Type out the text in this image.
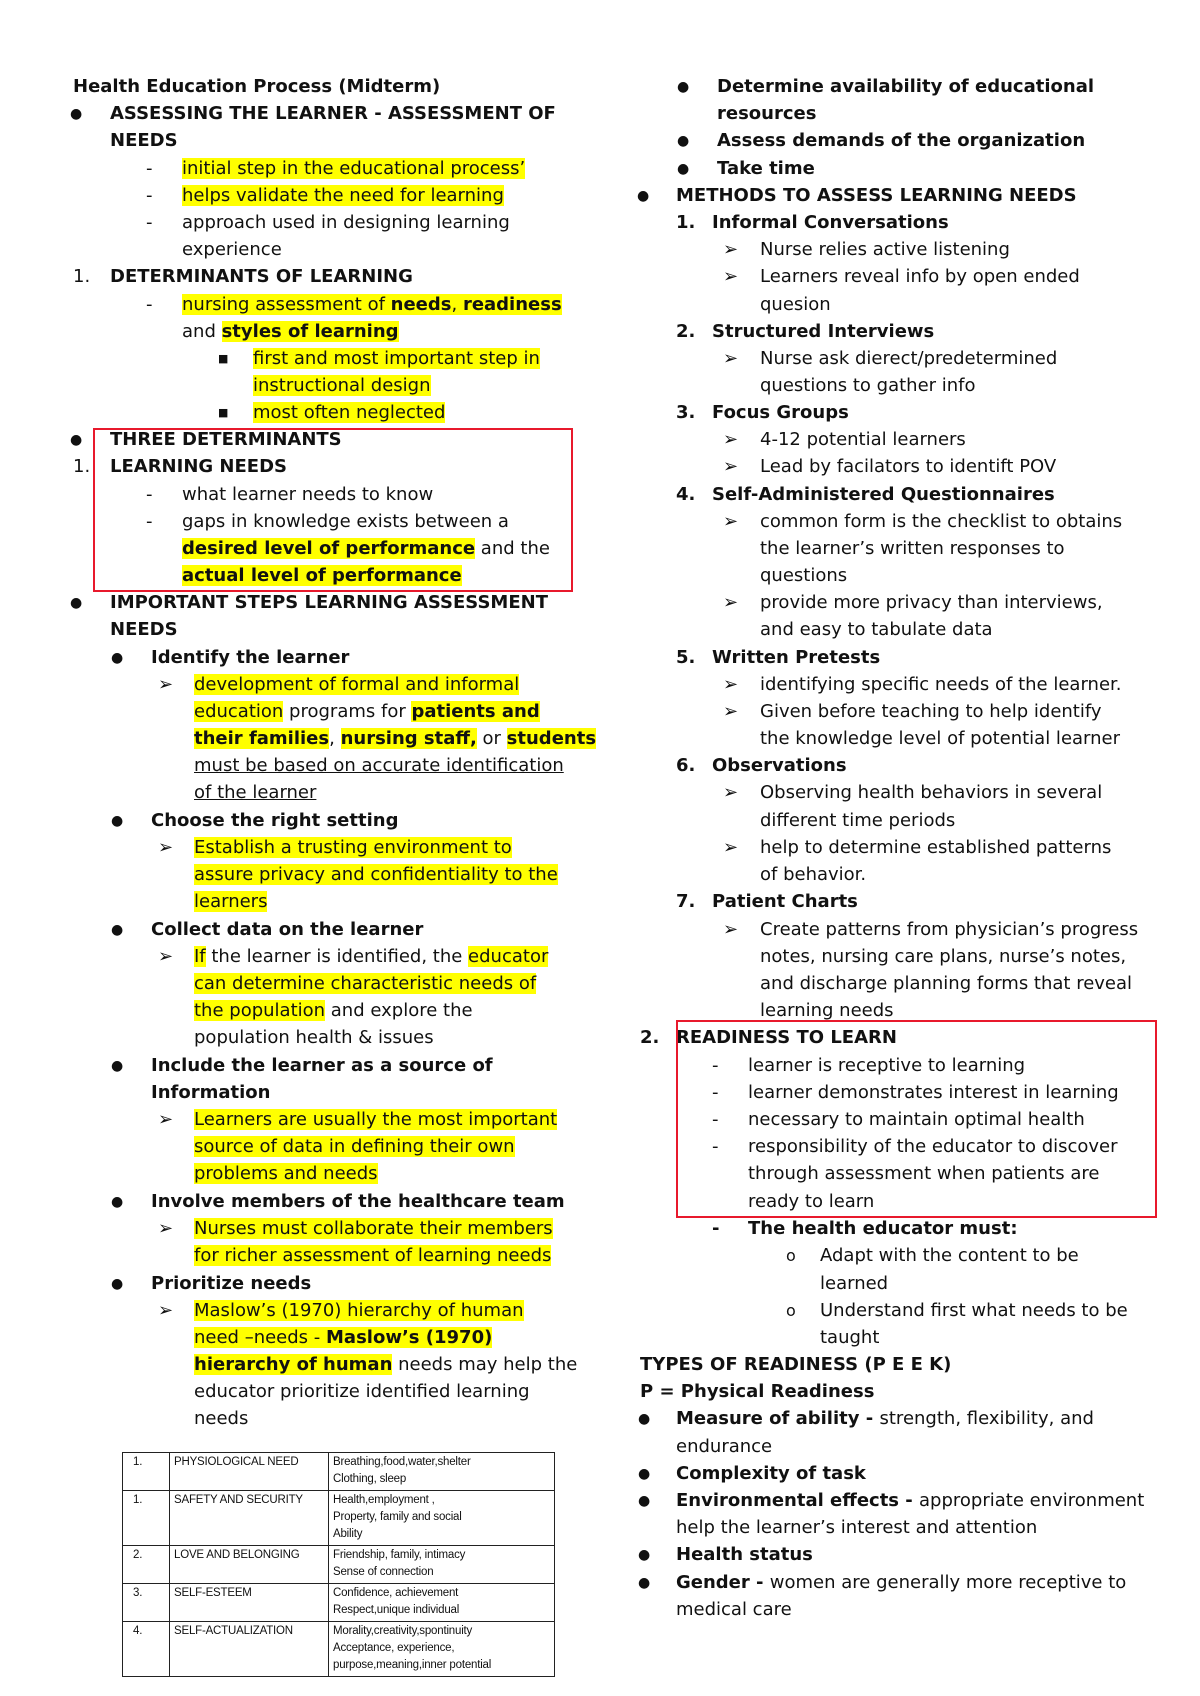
Health Education Process (Midterm)
● ASSESSING THE LEARNER - ASSESSMENT OF
NEEDS
- initial step in the educational process’
- helps validate the need for learning
- approach used in designing learning
experience
1. DETERMINANTS OF LEARNING
- nursing assessment of needs, readiness
and styles of learning
■ first and most important step in
instructional design
■ most often neglected
● THREE DETERMINANTS
1. LEARNING NEEDS
- what learner needs to know
- gaps in knowledge exists between a
desired level of performance and the
actual level of performance
● IMPORTANT STEPS LEARNING ASSESSMENT
NEEDS
● Identify the learner
➢ development of formal and informal
education programs for patients and
their families, nursing staff, or students
must be based on accurate identification
of the learner
● Choose the right setting
➢ Establish a trusting environment to
assure privacy and confidentiality to the
learners
● Collect data on the learner
➢ If the learner is identified, the educator
can determine characteristic needs of
the population and explore the
population health & issues
● Include the learner as a source of
Information
➢ Learners are usually the most important
source of data in defining their own
problems and needs
● Involve members of the healthcare team
➢ Nurses must collaborate their members
for richer assessment of learning needs
● Prioritize needs
➢ Maslow’s (1970) hierarchy of human
need –needs - Maslow’s (1970)
hierarchy of human needs may help the
educator prioritize identified learning
needs
1.	PHYSIOLOGICAL NEED	Breathing,food,water,shelter
Clothing, sleep

1.	SAFETY AND SECURITY	Health,employment ,
Property, family and social
Ability

2.	LOVE AND BELONGING	Friendship, family, intimacy
Sense of connection

3.	SELF-ESTEEM	Confidence, achievement
Respect,unique individual

4.	SELF-ACTUALIZATION	Morality,creativity,spontinuity
Acceptance, experience,
purpose,meaning,inner potential
● Determine availability of educational
resources
● Assess demands of the organization
● Take time
● METHODS TO ASSESS LEARNING NEEDS
1. Informal Conversations
➢ Nurse relies active listening
➢ Learners reveal info by open ended
quesion
2. Structured Interviews
➢ Nurse ask dierect/predetermined
questions to gather info
3. Focus Groups
➢ 4-12 potential learners
➢ Lead by facilators to identift POV
4. Self-Administered Questionnaires
➢ common form is the checklist to obtains
the learner’s written responses to
questions
➢ provide more privacy than interviews,
and easy to tabulate data
5. Written Pretests
➢ identifying specific needs of the learner.
➢ Given before teaching to help identify
the knowledge level of potential learner
6. Observations
➢ Observing health behaviors in several
different time periods
➢ help to determine established patterns
of behavior.
7. Patient Charts
➢ Create patterns from physician’s progress
notes, nursing care plans, nurse’s notes,
and discharge planning forms that reveal
learning needs
2. READINESS TO LEARN
- learner is receptive to learning
- learner demonstrates interest in learning
- necessary to maintain optimal health
- responsibility of the educator to discover
through assessment when patients are
ready to learn
- The health educator must:
o Adapt with the content to be
learned
o Understand first what needs to be
taught
TYPES OF READINESS (P E E K)
P = Physical Readiness
● Measure of ability - strength, flexibility, and
endurance
● Complexity of task
● Environmental effects - appropriate environment
help the learner’s interest and attention
● Health status
● Gender - women are generally more receptive to
medical care
